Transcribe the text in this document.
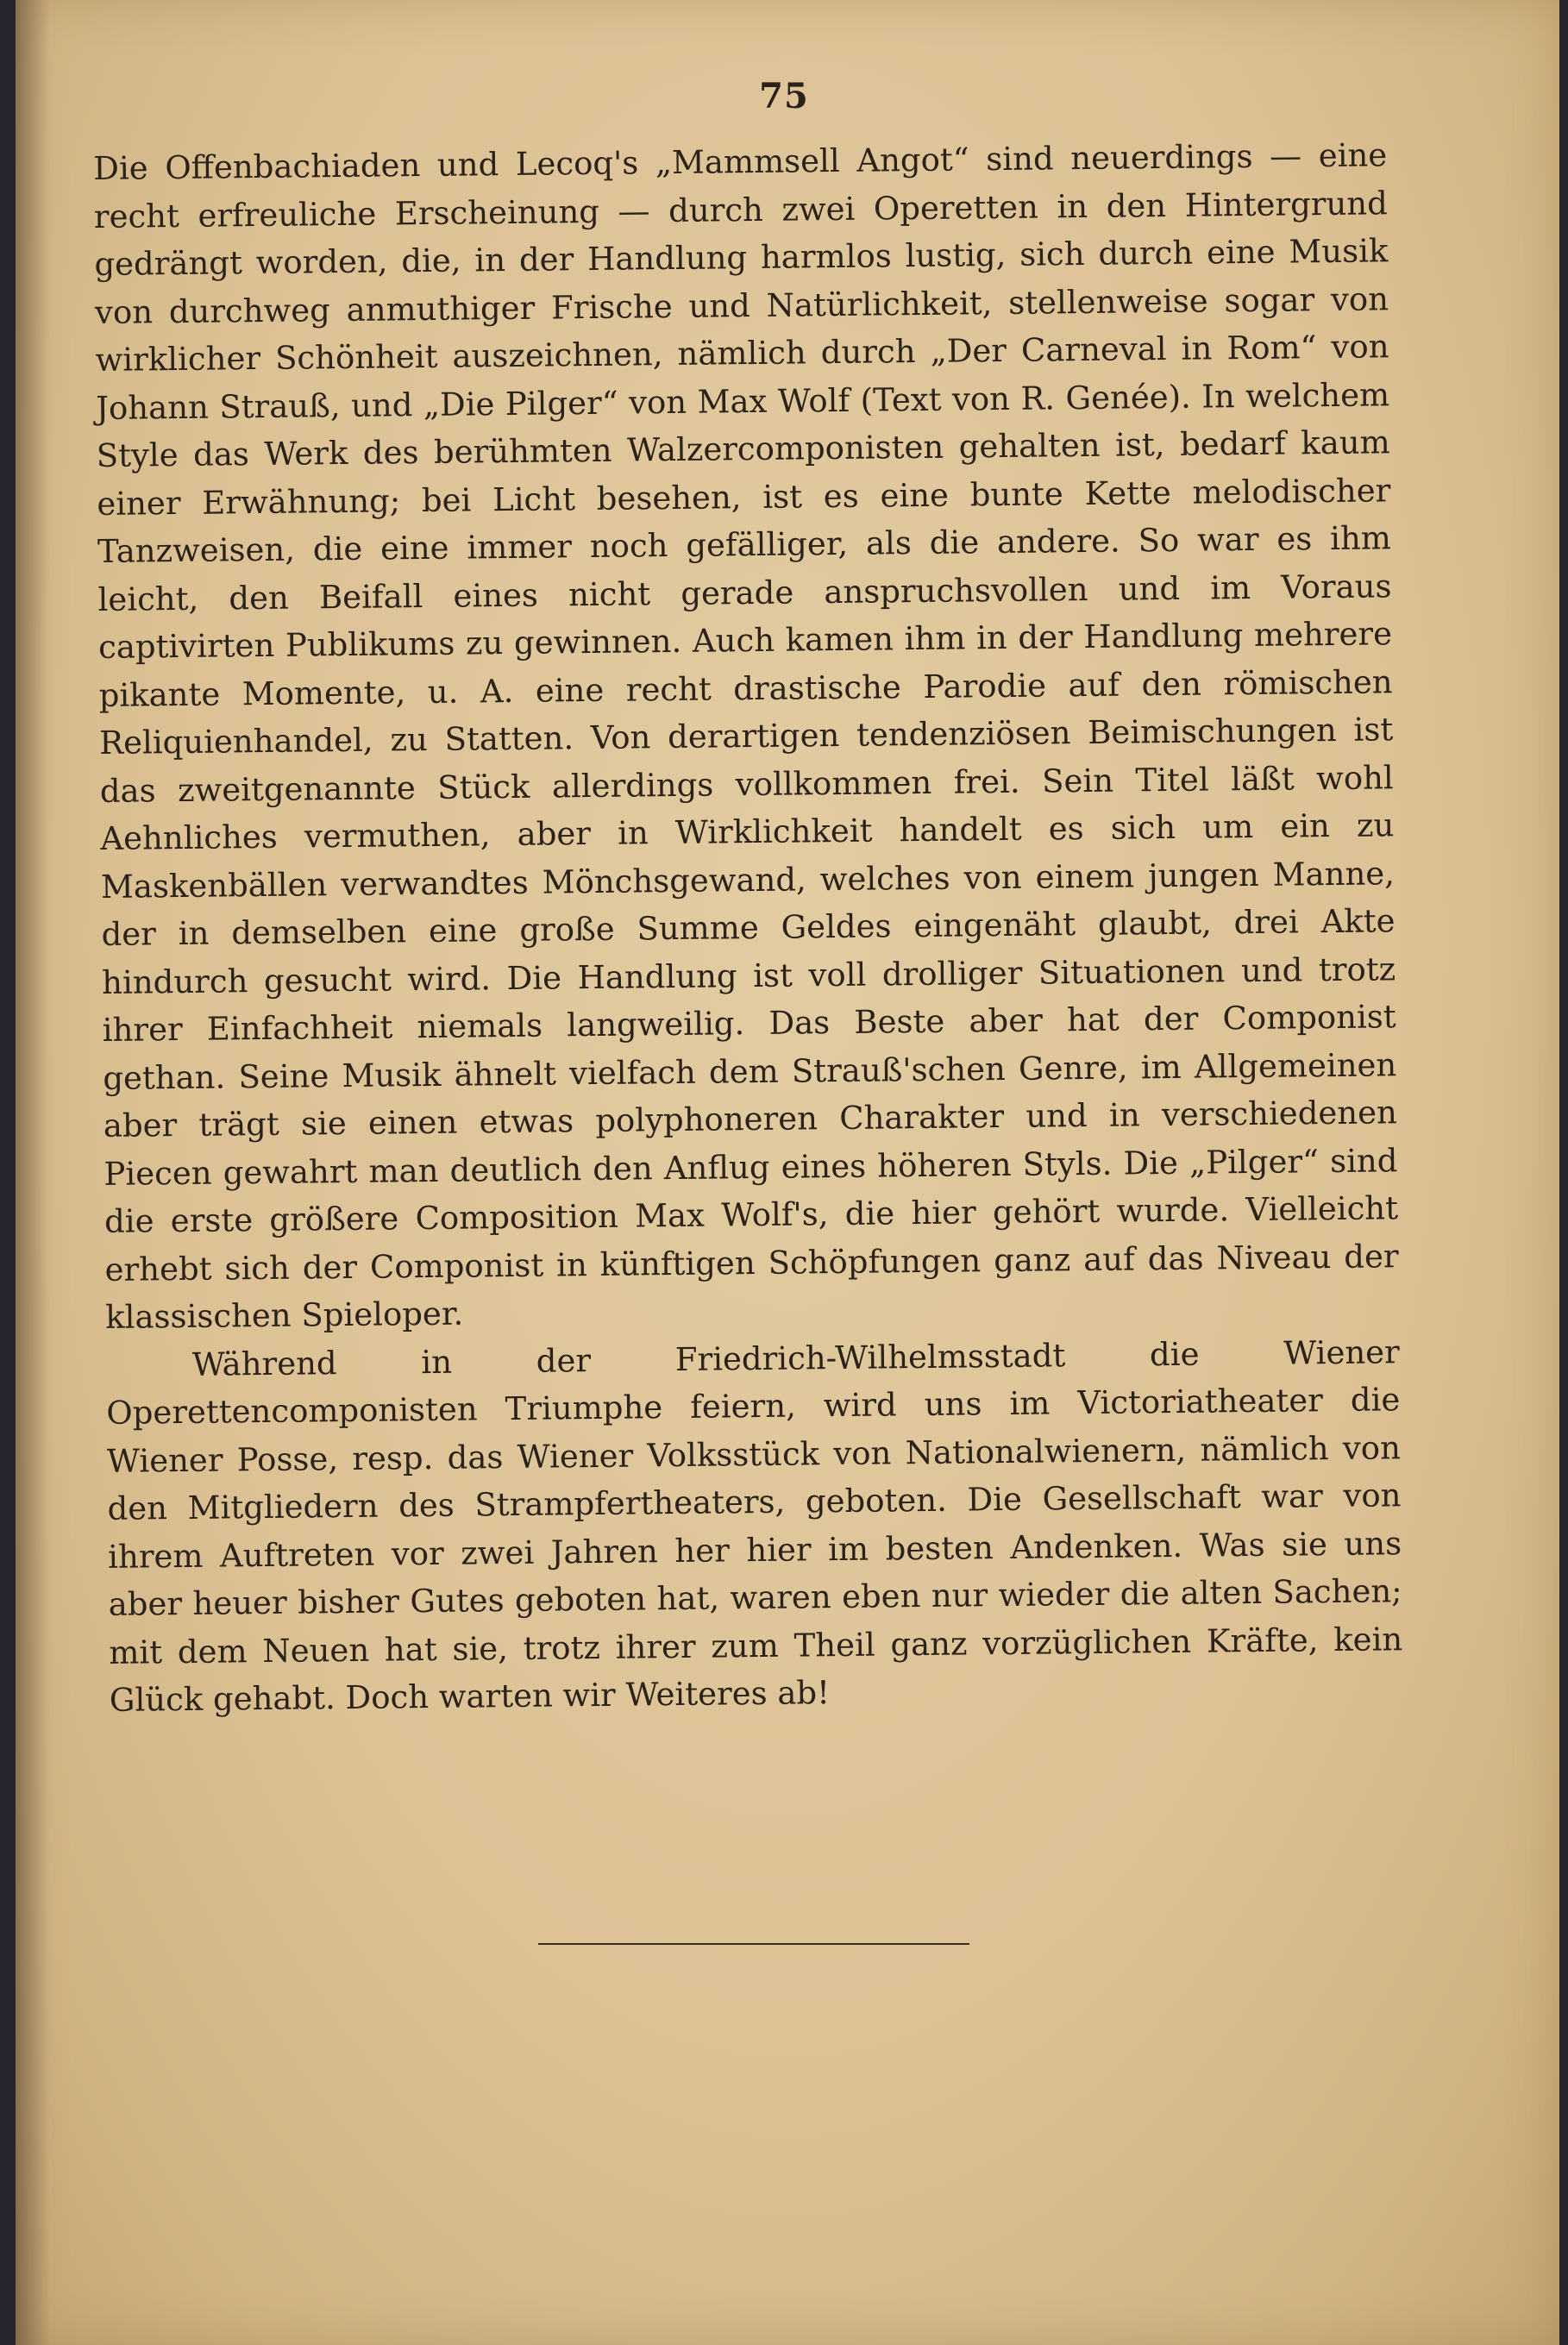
75

Die Offenbachiaden und Lecoq's „Mammsell Angot“ sind neuerdings — eine recht erfreuliche Erscheinung — durch zwei Operetten in den Hintergrund gedrängt worden, die, in der Handlung harmlos lustig, sich durch eine Musik von durchweg anmuthiger Frische und Natürlichkeit, stellenweise sogar von wirklicher Schönheit auszeichnen, nämlich durch „Der Carneval in Rom“ von Johann Strauß, und „Die Pilger“ von Max Wolf (Text von R. Genée). In welchem Style das Werk des berühmten Walzercomponisten gehalten ist, bedarf kaum einer Erwähnung; bei Licht besehen, ist es eine bunte Kette melodischer Tanzweisen, die eine immer noch gefälliger, als die andere. So war es ihm leicht, den Beifall eines nicht gerade anspruchsvollen und im Voraus captivirten Publikums zu gewinnen. Auch kamen ihm in der Handlung mehrere pikante Momente, u. A. eine recht drastische Parodie auf den römischen Reliquienhandel, zu Statten. Von derartigen tendenziösen Beimischungen ist das zweitgenannte Stück allerdings vollkommen frei. Sein Titel läßt wohl Aehnliches vermuthen, aber in Wirklichkeit handelt es sich um ein zu Maskenbällen verwandtes Mönchsgewand, welches von einem jungen Manne, der in demselben eine große Summe Geldes eingenäht glaubt, drei Akte hindurch gesucht wird. Die Handlung ist voll drolliger Situationen und trotz ihrer Einfachheit niemals langweilig. Das Beste aber hat der Componist gethan. Seine Musik ähnelt vielfach dem Strauß'schen Genre, im Allgemeinen aber trägt sie einen etwas polyphoneren Charakter und in verschiedenen Piecen gewahrt man deutlich den Anflug eines höheren Styls. Die „Pilger“ sind die erste größere Composition Max Wolf's, die hier gehört wurde. Vielleicht erhebt sich der Componist in künftigen Schöpfungen ganz auf das Niveau der klassischen Spieloper.

Während in der Friedrich-Wilhelmsstadt die Wiener Operettencomponisten Triumphe feiern, wird uns im Victoriatheater die Wiener Posse, resp. das Wiener Volksstück von Nationalwienern, nämlich von den Mitgliedern des Strampfertheaters, geboten. Die Gesellschaft war von ihrem Auftreten vor zwei Jahren her hier im besten Andenken. Was sie uns aber heuer bisher Gutes geboten hat, waren eben nur wieder die alten Sachen; mit dem Neuen hat sie, trotz ihrer zum Theil ganz vorzüglichen Kräfte, kein Glück gehabt. Doch warten wir Weiteres ab!
